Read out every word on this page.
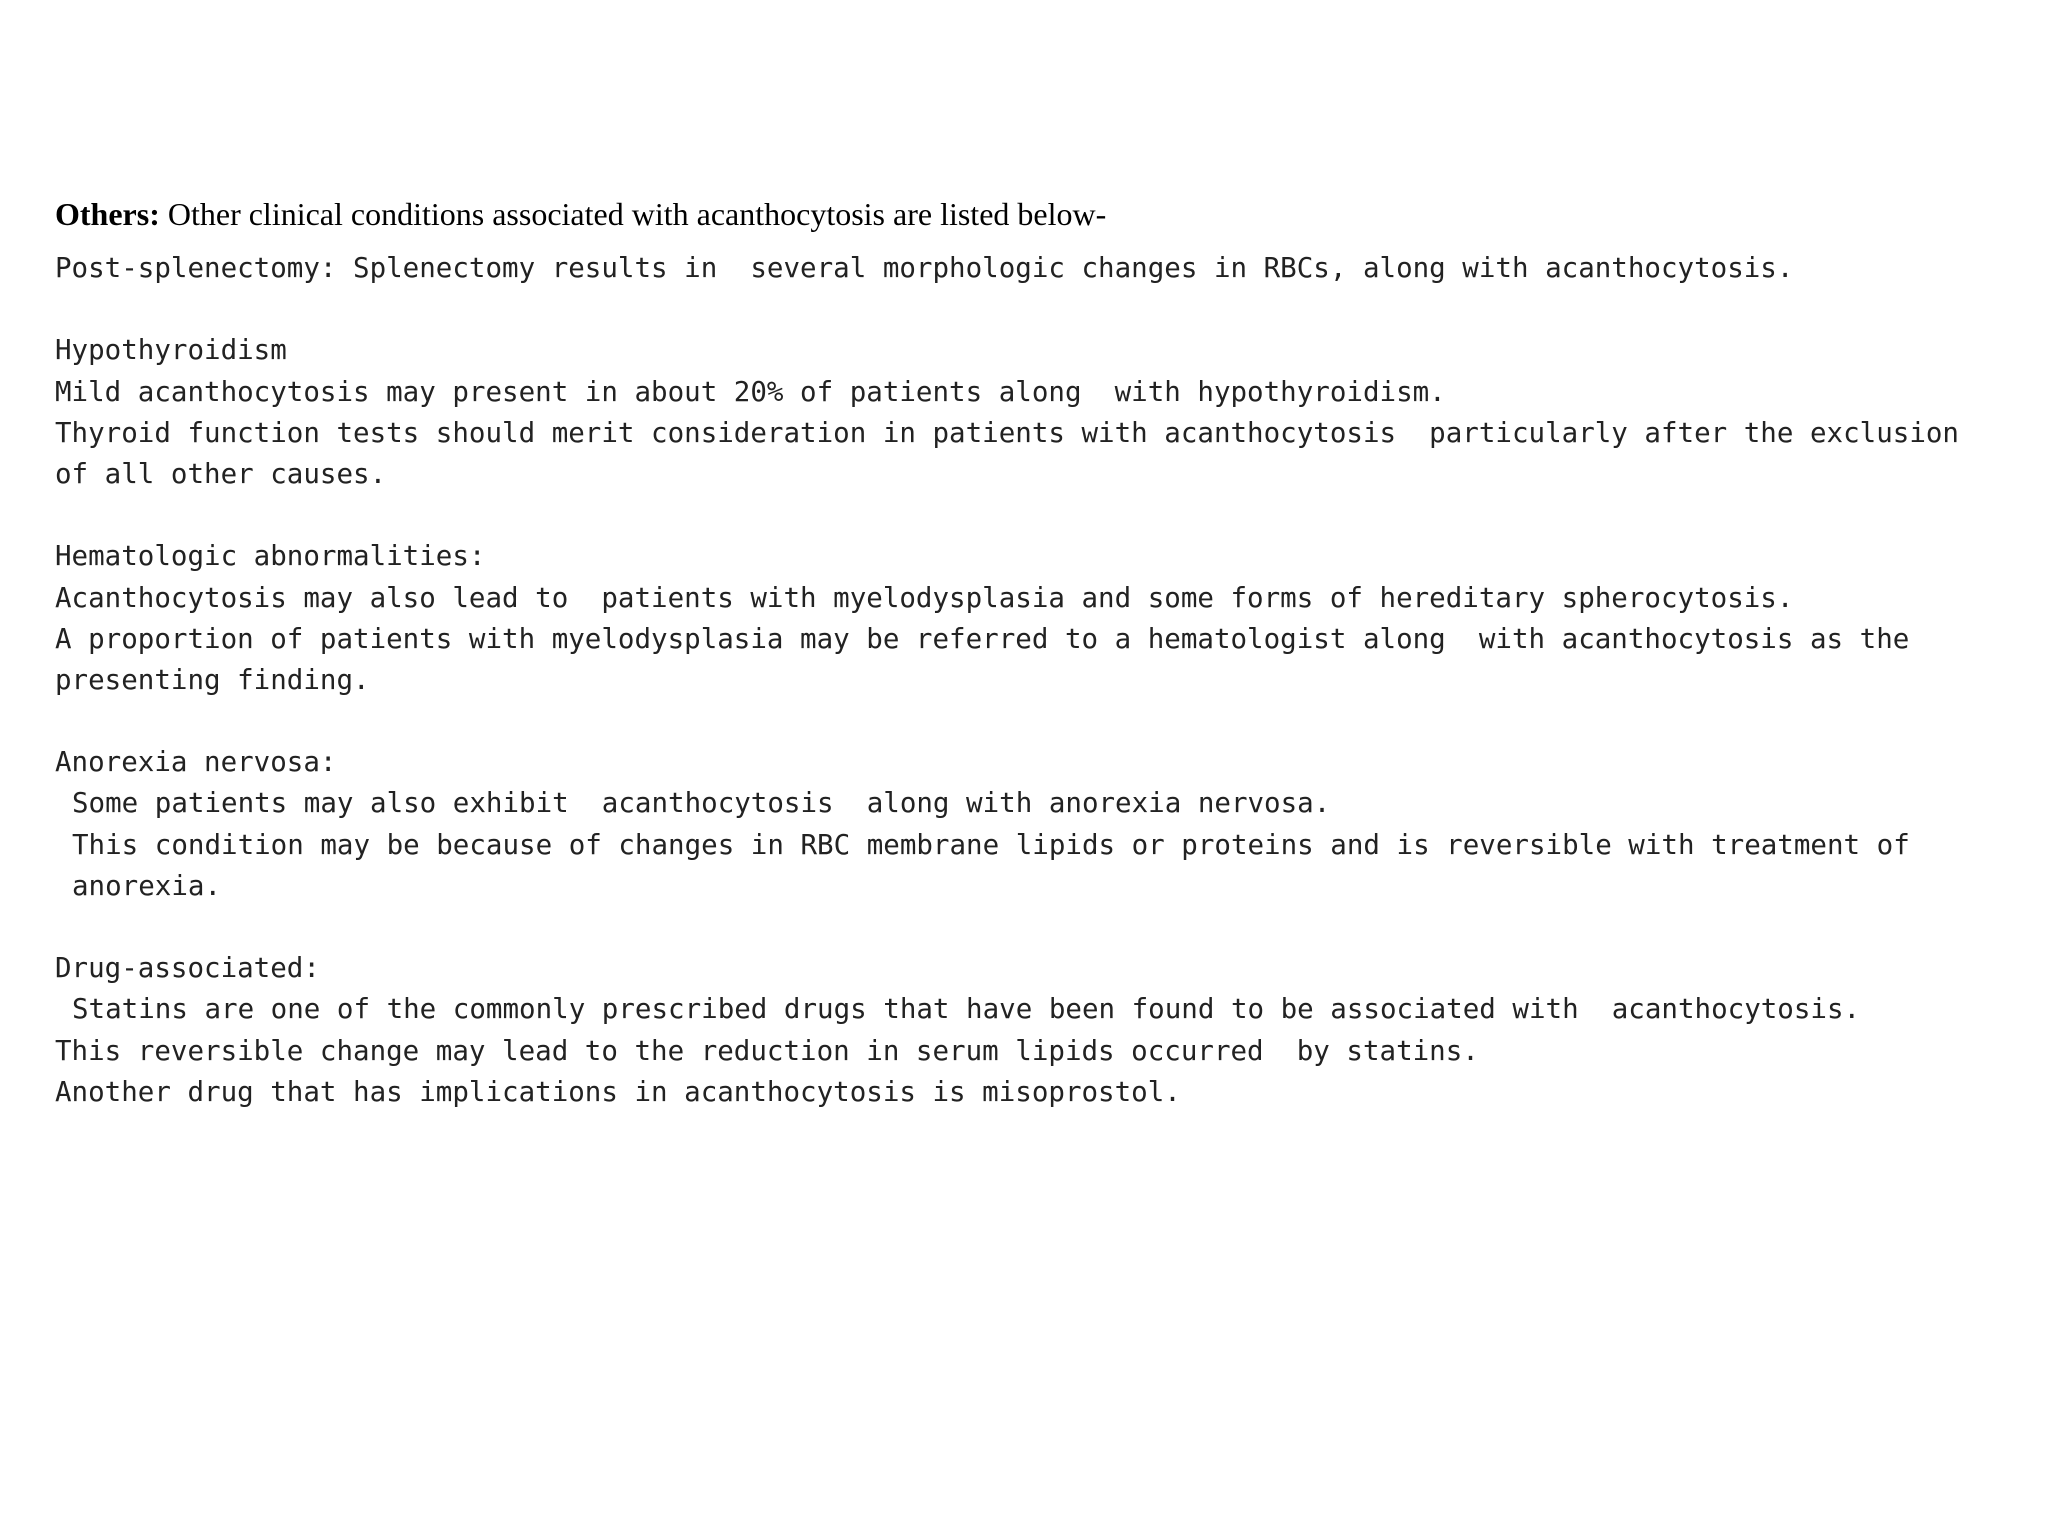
Others: Other clinical conditions associated with acanthocytosis are listed below-
Post-splenectomy: Splenectomy results in  several morphologic changes in RBCs, along with acanthocytosis.
Hypothyroidism
Mild acanthocytosis may present in about 20% of patients along  with hypothyroidism.
Thyroid function tests should merit consideration in patients with acanthocytosis  particularly after the exclusion
of all other causes.
Hematologic abnormalities:
Acanthocytosis may also lead to  patients with myelodysplasia and some forms of hereditary spherocytosis.
A proportion of patients with myelodysplasia may be referred to a hematologist along  with acanthocytosis as the
presenting finding.
Anorexia nervosa:
Some patients may also exhibit  acanthocytosis  along with anorexia nervosa.
This condition may be because of changes in RBC membrane lipids or proteins and is reversible with treatment of
anorexia.
Drug-associated:
Statins are one of the commonly prescribed drugs that have been found to be associated with  acanthocytosis.
This reversible change may lead to the reduction in serum lipids occurred  by statins.
Another drug that has implications in acanthocytosis is misoprostol.
